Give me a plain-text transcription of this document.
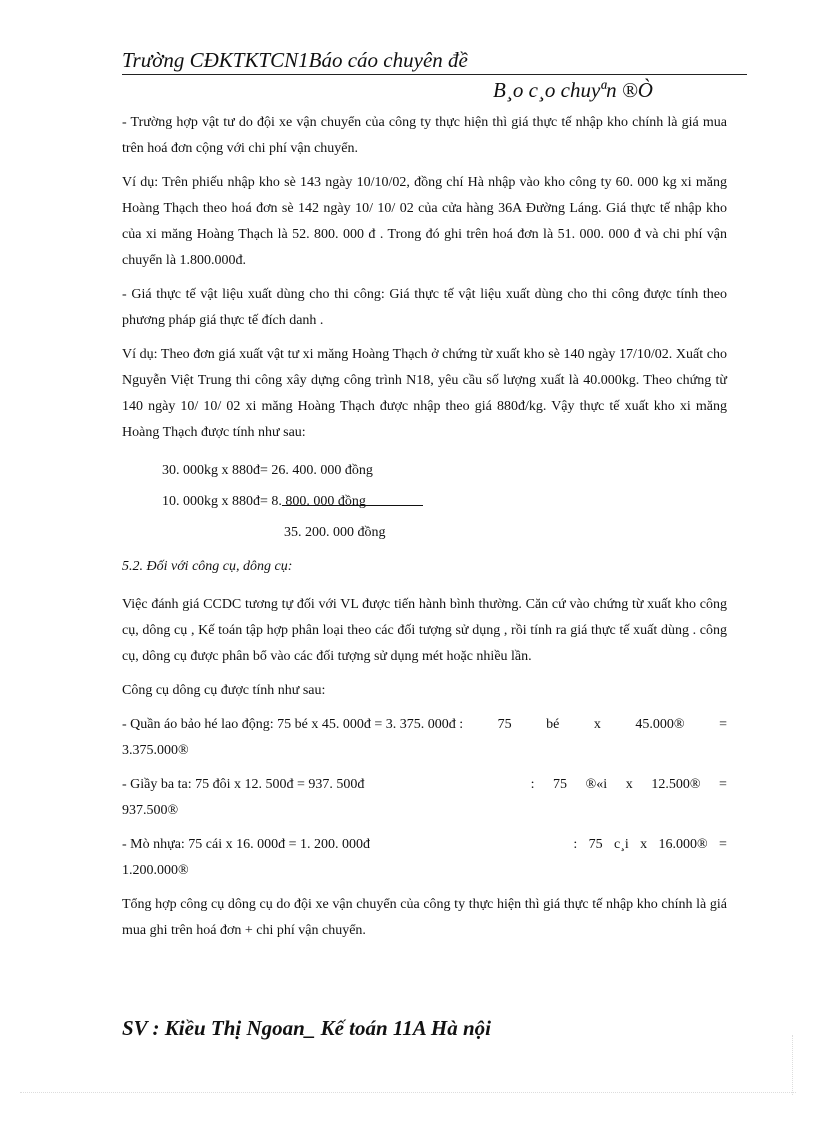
Trường CĐKTKTCN1Báo cáo chuyên đề
B¸o c¸o chuyªn ®Ò

- Trường hợp vật tư do đội xe vận chuyển của công ty thực hiện thì giá thực tế nhập kho chính là giá mua trên hoá đơn cộng với chi phí vận chuyển.

Ví dụ: Trên phiếu nhập kho sè 143 ngày 10/10/02, đồng chí Hà nhập vào kho công ty 60. 000 kg xi măng Hoàng Thạch theo hoá đơn sè 142 ngày 10/ 10/ 02 của cửa hàng 36A Đường Láng. Giá thực tế nhập kho của xi măng Hoàng Thạch là 52. 800. 000 đ . Trong đó ghi trên hoá đơn là 51. 000. 000 đ và chi phí vận chuyển là 1.800.000đ.

- Giá thực tế vật liệu xuất dùng cho thi công: Giá thực tế vật liệu xuất dùng cho thi công được tính theo phương pháp giá thực tế đích danh .

Ví dụ: Theo đơn giá xuất vật tư xi măng Hoàng Thạch ở chứng từ xuất kho sè 140 ngày 17/10/02. Xuất cho Nguyễn Việt Trung thi công xây dựng công trình N18, yêu cầu số lượng xuất là 40.000kg. Theo chứng từ 140 ngày 10/ 10/ 02 xi măng Hoàng Thạch được nhập theo giá 880đ/kg. Vậy thực tế xuất kho xi măng Hoàng Thạch được tính như sau:

30. 000kg x 880đ= 26. 400. 000 đồng
10. 000kg x 880đ= 8. 800. 000 đồng
35. 200. 000 đồng

5.2. Đối với công cụ, dông cụ:

Việc đánh giá CCDC tương tự đối với VL được tiến hành bình thường. Căn cứ vào chứng từ xuất kho công cụ, dông cụ , Kế toán tập hợp phân loại theo các đối tượng sử dụng , rồi tính ra giá thực tế xuất dùng . công cụ, dông cụ được phân bổ vào các đối tượng sử dụng mét hoặc nhiều lần.

Công cụ dông cụ được tính như sau:

- Quần áo bảo hé lao động: 75 bé x 45. 000đ = 3. 375. 000đ : 75 bé x 45.000® =

3.375.000®

- Giầy ba ta: 75 đôi x 12. 500đ = 937. 500đ	: 75 ®«i x 12.500® =

937.500®

- Mò nhựa: 75 cái x 16. 000đ = 1. 200. 000đ	: 75 c¸i x 16.000® =

1.200.000®

Tổng hợp công cụ dông cụ do đội xe vận chuyển của công ty thực hiện thì giá thực tế nhập kho chính là giá mua ghi trên hoá đơn + chi phí vận chuyển.

SV : Kiều Thị Ngoan_ Kế toán 11A Hà nội
